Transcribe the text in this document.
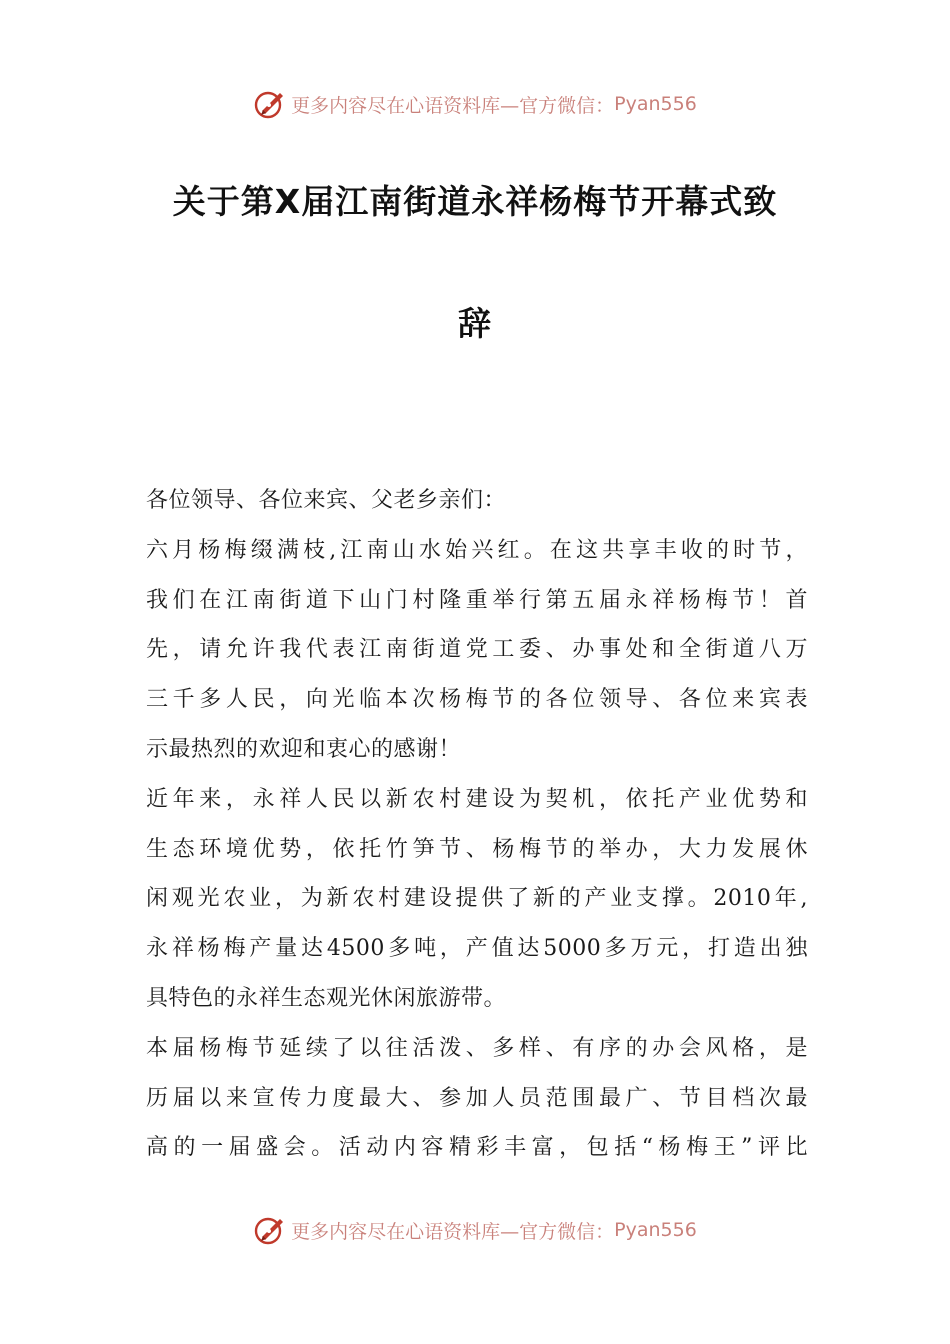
更多内容尽在心语资料库—官方微信： Pyan556
关于第X届江南街道永祥杨梅节开幕式致
辞
各位领导、各位来宾、父老乡亲们：
六月杨梅缀满枝,江南山水始兴红。在这共享丰收的时节，
我们在江南街道下山门村隆重举行第五届永祥杨梅节！首
先，请允许我代表江南街道党工委、办事处和全街道八万
三千多人民，向光临本次杨梅节的各位领导、各位来宾表
示最热烈的欢迎和衷心的感谢！
近年来，永祥人民以新农村建设为契机，依托产业优势和
生态环境优势，依托竹笋节、杨梅节的举办，大力发展休
闲观光农业，为新农村建设提供了新的产业支撑。2010年,
永祥杨梅产量达4500多吨，产值达5000多万元，打造出独
具特色的永祥生态观光休闲旅游带。
本届杨梅节延续了以往活泼、多样、有序的办会风格，是
历届以来宣传力度最大、参加人员范围最广、节目档次最
高的一届盛会。活动内容精彩丰富，包括“杨梅王”评比
更多内容尽在心语资料库—官方微信： Pyan556
